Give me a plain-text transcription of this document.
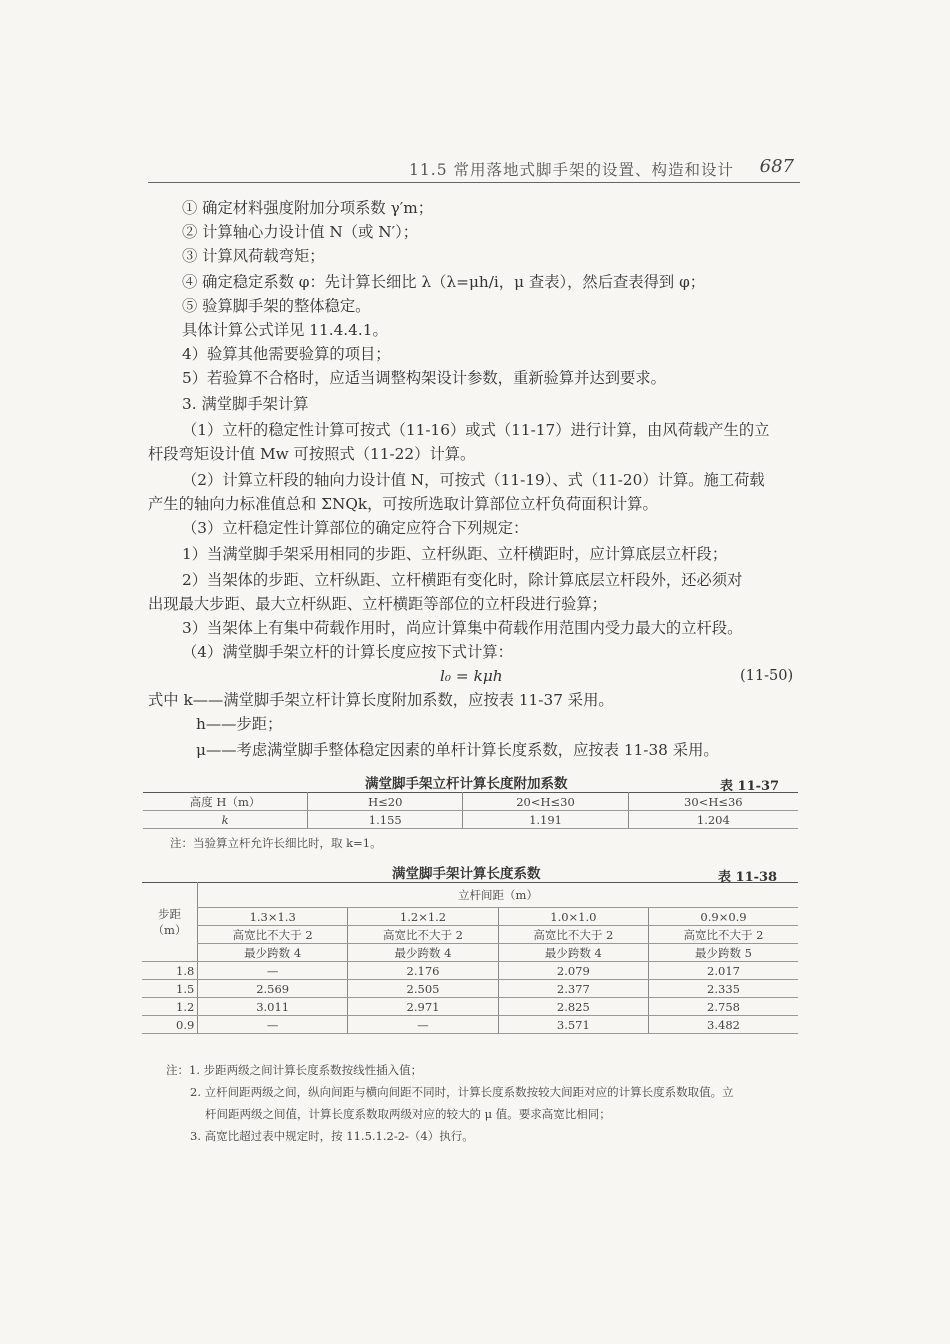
11.5 常用落地式脚手架的设置、构造和设计 687
① 确定材料强度附加分项系数 γ′m；
② 计算轴心力设计值 N（或 N′）；
③ 计算风荷载弯矩；
④ 确定稳定系数 φ：先计算长细比 λ（λ=μh/i，μ 查表），然后查表得到 φ；
⑤ 验算脚手架的整体稳定。
具体计算公式详见 11.4.4.1。
4）验算其他需要验算的项目；
5）若验算不合格时，应适当调整构架设计参数，重新验算并达到要求。
3. 满堂脚手架计算
（1）立杆的稳定性计算可按式（11-16）或式（11-17）进行计算，由风荷载产生的立
杆段弯矩设计值 Mw 可按照式（11-22）计算。
（2）计算立杆段的轴向力设计值 N，可按式（11-19）、式（11-20）计算。施工荷载
产生的轴向力标准值总和 ΣNQk，可按所选取计算部位立杆负荷面积计算。
（3）立杆稳定性计算部位的确定应符合下列规定：
1）当满堂脚手架采用相同的步距、立杆纵距、立杆横距时，应计算底层立杆段；
2）当架体的步距、立杆纵距、立杆横距有变化时，除计算底层立杆段外，还必须对
出现最大步距、最大立杆纵距、立杆横距等部位的立杆段进行验算；
3）当架体上有集中荷载作用时，尚应计算集中荷载作用范围内受力最大的立杆段。
（4）满堂脚手架立杆的计算长度应按下式计算：
l₀ = kμh	(11-50)
式中 k——满堂脚手架立杆计算长度附加系数，应按表 11-37 采用。
h——步距；
μ——考虑满堂脚手整体稳定因素的单杆计算长度系数，应按表 11-38 采用。
满堂脚手架立杆计算长度附加系数	表 11-37
高度 H（m）	H≤20	20<H≤30	30<H≤36
k	1.155	1.191	1.204
注：当验算立杆允许长细比时，取 k=1。
满堂脚手架计算长度系数	表 11-38
步距
（m）	立杆间距（m）			
	1.3×1.3	1.2×1.2	1.0×1.0	0.9×0.9
	高宽比不大于 2	高宽比不大于 2	高宽比不大于 2	高宽比不大于 2
	最少跨数 4	最少跨数 4	最少跨数 4	最少跨数 5
1.8	—	2.176	2.079	2.017
1.5	2.569	2.505	2.377	2.335
1.2	3.011	2.971	2.825	2.758
0.9	—	—	3.571	3.482
注：1. 步距两级之间计算长度系数按线性插入值；
2. 立杆间距两级之间，纵向间距与横向间距不同时，计算长度系数按较大间距对应的计算长度系数取值。立
杆间距两级之间值，计算长度系数取两级对应的较大的 μ 值。要求高宽比相同；
3. 高宽比超过表中规定时，按 11.5.1.2-2-（4）执行。
